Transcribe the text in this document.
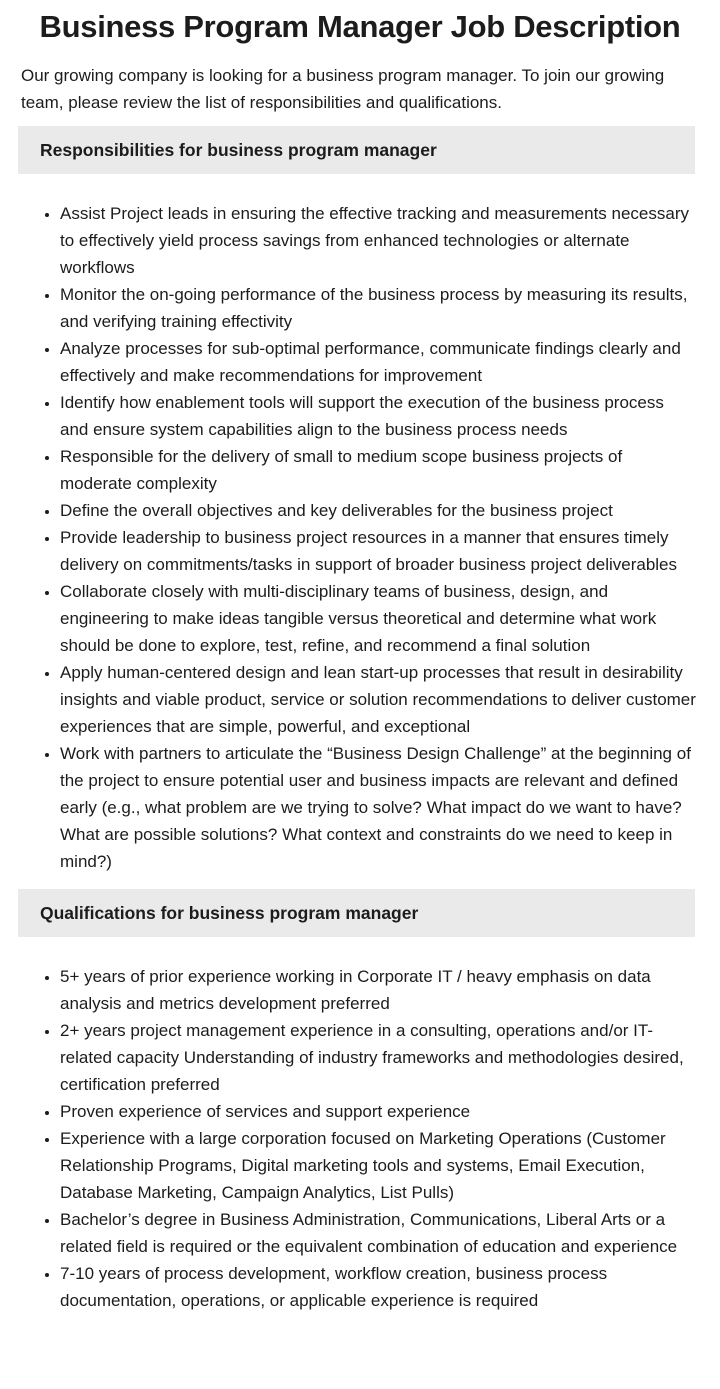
Business Program Manager Job Description

Our growing company is looking for a business program manager. To join our growing team, please review the list of responsibilities and qualifications.

Responsibilities for business program manager
• Assist Project leads in ensuring the effective tracking and measurements necessary to effectively yield process savings from enhanced technologies or alternate workflows
• Monitor the on-going performance of the business process by measuring its results, and verifying training effectivity
• Analyze processes for sub-optimal performance, communicate findings clearly and effectively and make recommendations for improvement
• Identify how enablement tools will support the execution of the business process and ensure system capabilities align to the business process needs
• Responsible for the delivery of small to medium scope business projects of moderate complexity
• Define the overall objectives and key deliverables for the business project
• Provide leadership to business project resources in a manner that ensures timely delivery on commitments/tasks in support of broader business project deliverables
• Collaborate closely with multi-disciplinary teams of business, design, and engineering to make ideas tangible versus theoretical and determine what work should be done to explore, test, refine, and recommend a final solution
• Apply human-centered design and lean start-up processes that result in desirability insights and viable product, service or solution recommendations to deliver customer experiences that are simple, powerful, and exceptional
• Work with partners to articulate the “Business Design Challenge” at the beginning of the project to ensure potential user and business impacts are relevant and defined early (e.g., what problem are we trying to solve? What impact do we want to have? What are possible solutions? What context and constraints do we need to keep in mind?)
Qualifications for business program manager
• 5+ years of prior experience working in Corporate IT / heavy emphasis on data analysis and metrics development preferred
• 2+ years project management experience in a consulting, operations and/or IT-related capacity Understanding of industry frameworks and methodologies desired, certification preferred
• Proven experience of services and support experience
• Experience with a large corporation focused on Marketing Operations (Customer Relationship Programs, Digital marketing tools and systems, Email Execution, Database Marketing, Campaign Analytics, List Pulls)
• Bachelor’s degree in Business Administration, Communications, Liberal Arts or a related field is required or the equivalent combination of education and experience
• 7-10 years of process development, workflow creation, business process documentation, operations, or applicable experience is required
